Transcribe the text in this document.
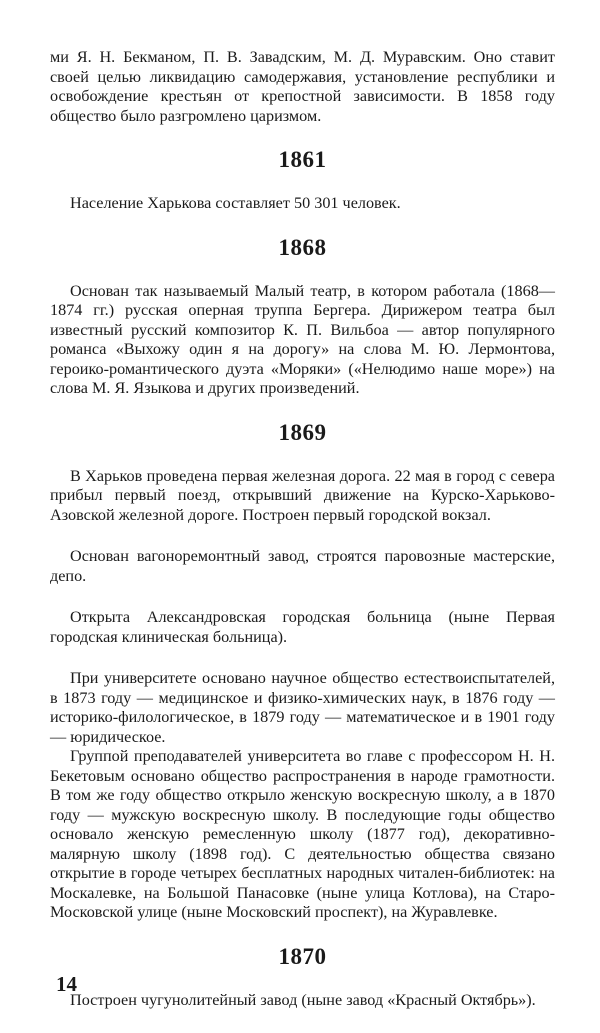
ми Я. Н. Бекманом, П. В. Завадским, М. Д. Муравским. Оно ставит своей целью ликвидацию самодержавия, установление республики и освобождение крестьян от крепостной зависимости. В 1858 году общество было разгромлено царизмом.

1861

Население Харькова составляет 50 301 человек.

1868

Основан так называемый Малый театр, в котором работала (1868—1874 гг.) русская оперная труппа Бергера. Дирижером театра был известный русский композитор К. П. Вильбоа — автор популярного романса «Выхожу один я на дорогу» на слова М. Ю. Лермонтова, героико-романтического дуэта «Моряки» («Нелюдимо наше море») на слова М. Я. Языкова и других произведений.

1869

В Харьков проведена первая железная дорога. 22 мая в город с севера прибыл первый поезд, открывший движение на Курско-Харьково-Азовской железной дороге. Построен первый городской вокзал.

Основан вагоноремонтный завод, строятся паровозные мастерские, депо.

Открыта Александровская городская больница (ныне Первая городская клиническая больница).

При университете основано научное общество естествоиспытателей, в 1873 году — медицинское и физико-химических наук, в 1876 году — историко-филологическое, в 1879 году — математическое и в 1901 году — юридическое.

Группой преподавателей университета во главе с профессором Н. Н. Бекетовым основано общество распространения в народе грамотности. В том же году общество открыло женскую воскресную школу, а в 1870 году — мужскую воскресную школу. В последующие годы общество основало женскую ремесленную школу (1877 год), декоративно-малярную школу (1898 год). С деятельностью общества связано открытие в городе четырех бесплатных народных читален-библиотек: на Москалевке, на Большой Панасовке (ныне улица Котлова), на Старо-Московской улице (ныне Московский проспект), на Журавлевке.

1870

Построен чугунолитейный завод (ныне завод «Красный Октябрь»).

14
